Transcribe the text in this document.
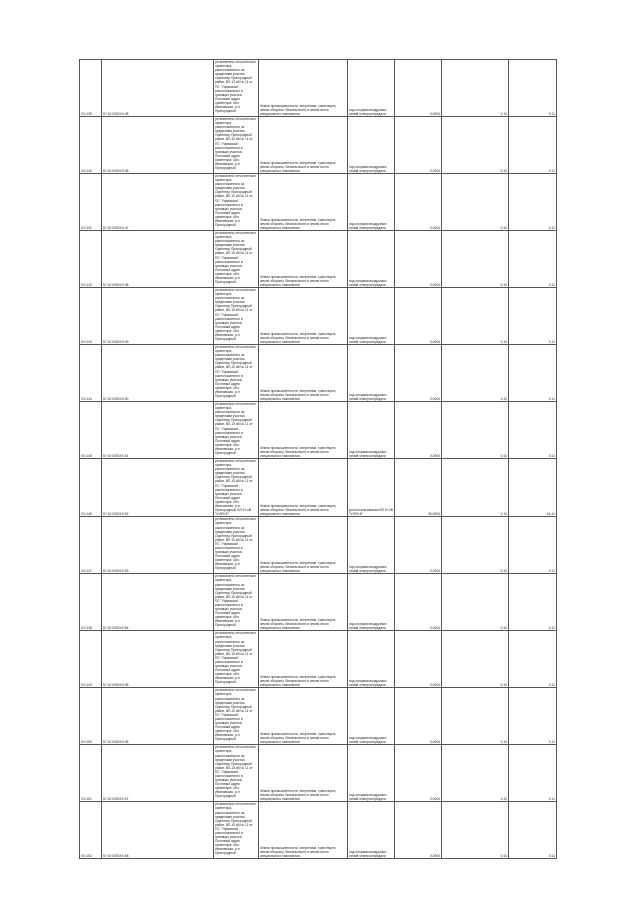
ЧЧ:139	57:10:0000ХХ:45	установлено относительно ориентира, расположенного за пределами участка. Ориентир Пригородный район, ВЛ-10 кВ № 11 от ПС "Уфимская", расположенного в границах участка. Почтовый адрес ориентира: обл. Ивановская, р-н Пригородный	Земли промышленности, энергетики, транспорта, земли обороны, безопасности и земли иного специального назначения	под опорами воздушных линий электропередачи	0,0004	0,10	0,11
ЧЧ:140	57:10:0000ХХ:46	установлено относительно ориентира, расположенного за пределами участка. Ориентир Пригородный район, ВЛ-10 кВ № 11 от ПС "Уфимская", расположенного в границах участка. Почтовый адрес ориентира: обл. Ивановская, р-н Пригородный	Земли промышленности, энергетики, транспорта, земли обороны, безопасности и земли иного специального назначения	под опорами воздушных линий электропередачи	0,0004	0,10	0,11
ЧЧ:141	57:10:0000ХХ:47	установлено относительно ориентира, расположенного за пределами участка. Ориентир Пригородный район, ВЛ-10 кВ № 11 от ПС "Уфимская", расположенного в границах участка. Почтовый адрес ориентира: обл. Ивановская, р-н Пригородный	Земли промышленности, энергетики, транспорта, земли обороны, безопасности и земли иного специального назначения	под опорами воздушных линий электропередачи	0,0004	0,10	0,11
ЧЧ:142	57:10:0000ХХ:48	установлено относительно ориентира, расположенного за пределами участка. Ориентир Пригородный район, ВЛ-10 кВ № 11 от ПС "Уфимская", расположенного в границах участка. Почтовый адрес ориентира: обл. Ивановская, р-н Пригородный	Земли промышленности, энергетики, транспорта, земли обороны, безопасности и земли иного специального назначения	под опорами воздушных линий электропередачи	0,0004	0,10	0,11
ЧЧ:143	57:10:0000ХХ:49	установлено относительно ориентира, расположенного за пределами участка. Ориентир Пригородный район, ВЛ-10 кВ № 11 от ПС "Уфимская", расположенного в границах участка. Почтовый адрес ориентира: обл. Ивановская, р-н Пригородный	Земли промышленности, энергетики, транспорта, земли обороны, безопасности и земли иного специального назначения	под опорами воздушных линий электропередачи	0,0004	0,10	0,11
ЧЧ:144	57:10:0000ХХ:50	установлено относительно ориентира, расположенного за пределами участка. Ориентир Пригородный район, ВЛ-10 кВ № 11 от ПС "Уфимская", расположенного в границах участка. Почтовый адрес ориентира: обл. Ивановская, р-н Пригородный	Земли промышленности, энергетики, транспорта, земли обороны, безопасности и земли иного специального назначения	под опорами воздушных линий электропередачи	0,0004	0,10	0,11
ЧЧ:145	57:10:0000ХХ:51	установлено относительно ориентира, расположенного за пределами участка. Ориентир Пригородный район, ВЛ-10 кВ № 11 от ПС "Уфимская", расположенного в границах участка. Почтовый адрес ориентира: обл. Ивановская, р-н Пригородный	Земли промышленности, энергетики, транспорта, земли обороны, безопасности и земли иного специального назначения	под опорами воздушных линий электропередачи	0,0004	0,10	0,11
ЧЧ:146	57:10:0000ХХ:52	установлено относительно ориентира, расположенного за пределами участка. Ориентир Пригородный район, ВЛ-10 кВ № 11 от ПС "Уфимская", расположенного в границах участка. Почтовый адрес ориентира: обл. Ивановская, р-н Пригородный, ВЛ-10 кВ "ЧУФ0-Б"	Земли промышленности, энергетики, транспорта, земли обороны, безопасности и земли иного специального назначения	для использования ВЛ 10 кВ "ЧУФ0-Б"	30,0004	0,10	41,41
ЧЧ:147	57:10:0000ХХ:53	установлено относительно ориентира, расположенного за пределами участка. Ориентир Пригородный район, ВЛ-10 кВ № 11 от ПС "Уфимская", расположенного в границах участка. Почтовый адрес ориентира: обл. Ивановская, р-н Пригородный	Земли промышленности, энергетики, транспорта, земли обороны, безопасности и земли иного специального назначения	под опорами воздушных линий электропередачи	0,0004	0,10	0,11
ЧЧ:148	57:10:0000ХХ:54	установлено относительно ориентира, расположенного за пределами участка. Ориентир Пригородный район, ВЛ-10 кВ № 11 от ПС "Уфимская", расположенного в границах участка. Почтовый адрес ориентира: обл. Ивановская, р-н Пригородный	Земли промышленности, энергетики, транспорта, земли обороны, безопасности и земли иного специального назначения	под опорами воздушных линий электропередачи	0,0004	0,10	0,11
ЧЧ:149	57:10:0000ХХ:55	установлено относительно ориентира, расположенного за пределами участка. Ориентир Пригородный район, ВЛ-10 кВ № 11 от ПС "Уфимская", расположенного в границах участка. Почтовый адрес ориентира: обл. Ивановская, р-н Пригородный	Земли промышленности, энергетики, транспорта, земли обороны, безопасности и земли иного специального назначения	под опорами воздушных линий электропередачи	0,0004	0,10	0,11
ЧЧ:150	57:10:0000ХХ:56	установлено относительно ориентира, расположенного за пределами участка. Ориентир Пригородный район, ВЛ-10 кВ № 11 от ПС "Уфимская", расположенного в границах участка. Почтовый адрес ориентира: обл. Ивановская, р-н Пригородный	Земли промышленности, энергетики, транспорта, земли обороны, безопасности и земли иного специального назначения	под опорами воздушных линий электропередачи	0,0004	0,10	0,11
ЧЧ:151	57:10:0000ХХ:57	установлено относительно ориентира, расположенного за пределами участка. Ориентир Пригородный район, ВЛ-10 кВ № 11 от ПС "Уфимская", расположенного в границах участка. Почтовый адрес ориентира: обл. Ивановская, р-н Пригородный	Земли промышленности, энергетики, транспорта, земли обороны, безопасности и земли иного специального назначения	под опорами воздушных линий электропередачи	0,0004	0,10	0,11
ЧЧ:152	57:10:0000ХХ:58	установлено относительно ориентира, расположенного за пределами участка. Ориентир Пригородный район, ВЛ-10 кВ № 11 от ПС "Уфимская", расположенного в границах участка. Почтовый адрес ориентира: обл. Ивановская, р-н Пригородный	Земли промышленности, энергетики, транспорта, земли обороны, безопасности и земли иного специального назначения	под опорами воздушных линий электропередачи	0,0004	0,10	0,11
